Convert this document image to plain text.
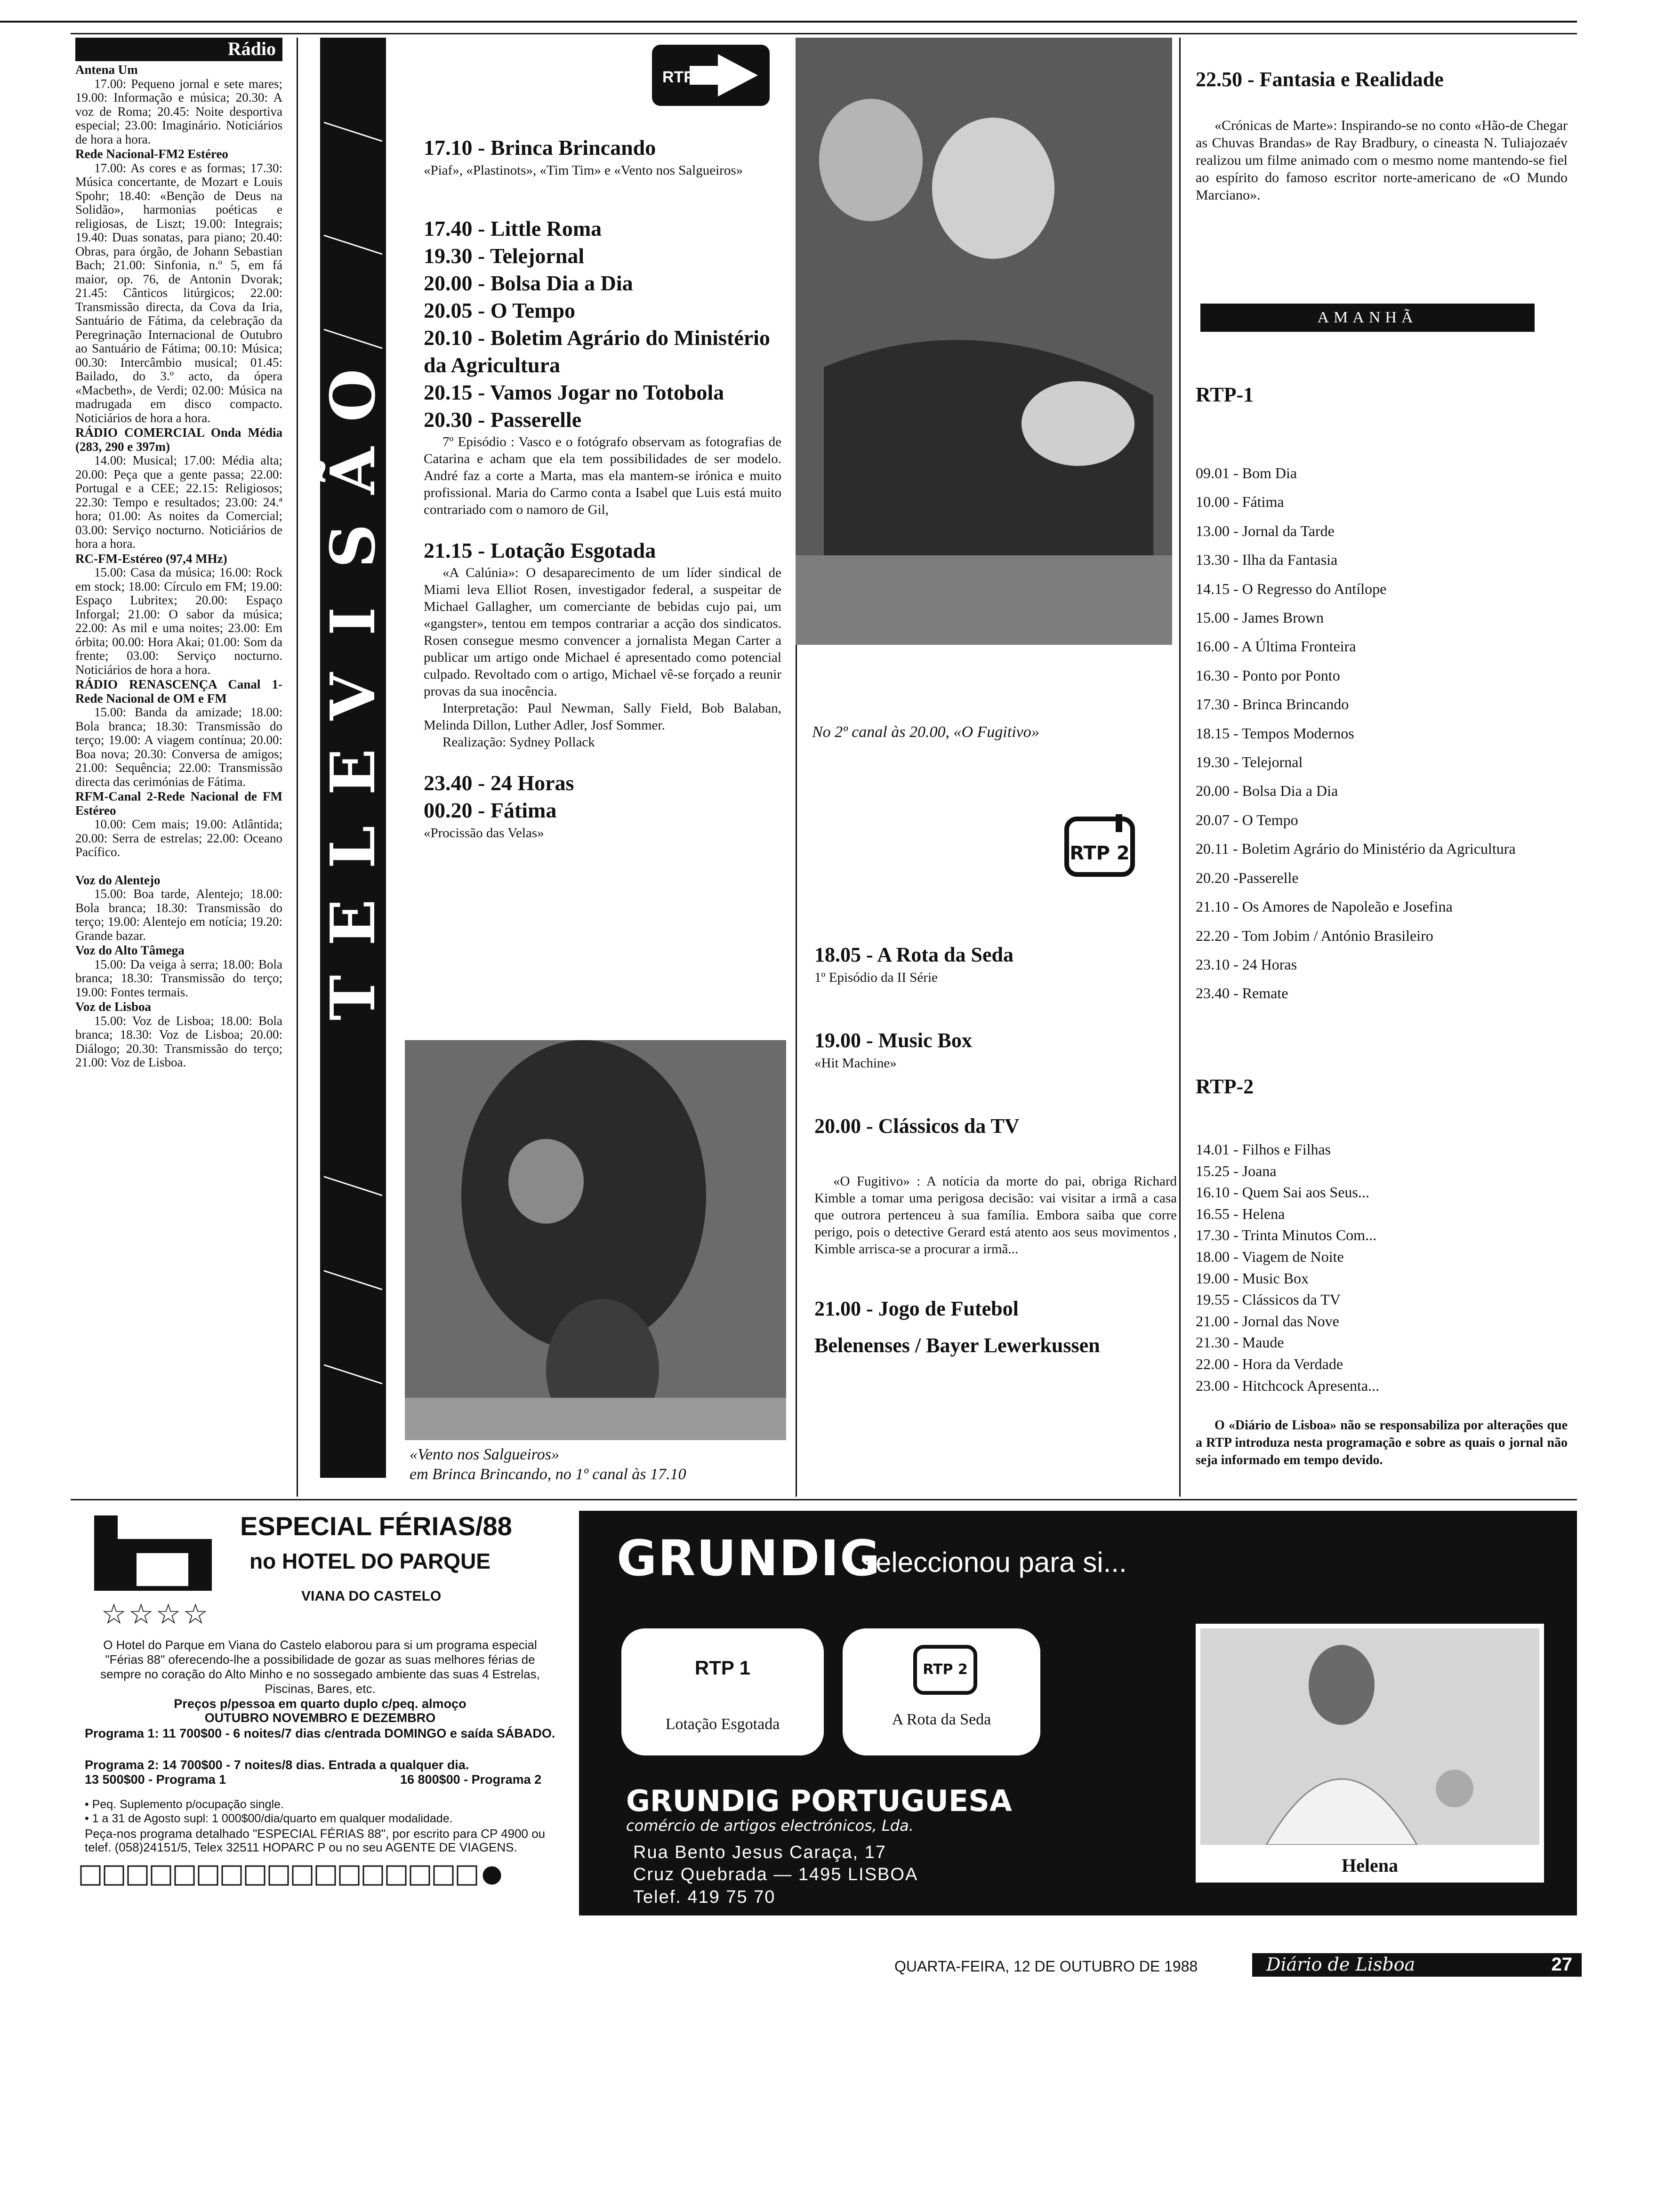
Rádio
Antena Um

17.00: Pequeno jornal e sete mares; 19.00: Informação e música; 20.30: A voz de Roma; 20.45: Noite desportiva especial; 23.00: Imaginário. Noticiários de hora a hora.

Rede Nacional-FM2 Estéreo

17.00: As cores e as formas; 17.30: Música concertante, de Mozart e Louis Spohr; 18.40: «Benção de Deus na Solidão», harmonias poéticas e religiosas, de Liszt; 19.00: Integrais; 19.40: Duas sonatas, para piano; 20.40: Obras, para órgão, de Johann Sebastian Bach; 21.00: Sinfonia, n.º 5, em fá maior, op. 76, de Antonin Dvorak; 21.45: Cânticos litúrgicos; 22.00: Transmissão directa, da Cova da Iria, Santuário de Fátima, da celebração da Peregrinação Internacional de Outubro ao Santuário de Fátima; 00.10: Música; 00.30: Intercâmbio musical; 01.45: Bailado, do 3.º acto, da ópera «Macbeth», de Verdi; 02.00: Música na madrugada em disco compacto. Noticiários de hora a hora.

RÁDIO COMERCIAL Onda Média (283, 290 e 397m)

14.00: Musical; 17.00: Média alta; 20.00: Peça que a gente passa; 22.00: Portugal e a CEE; 22.15: Religiosos; 22.30: Tempo e resultados; 23.00: 24.ª hora; 01.00: As noites da Comercial; 03.00: Serviço nocturno. Noticiários de hora a hora.

RC-FM-Estéreo (97,4 MHz)

15.00: Casa da música; 16.00: Rock em stock; 18.00: Círculo em FM; 19.00: Espaço Lubritex; 20.00: Espaço Inforgal; 21.00: O sabor da música; 22.00: As mil e uma noites; 23.00: Em órbita; 00.00: Hora Akai; 01.00: Som da frente; 03.00: Serviço nocturno. Noticiários de hora a hora.

RÁDIO RENASCENÇA Canal 1-Rede Nacional de OM e FM

15.00: Banda da amizade; 18.00: Bola branca; 18.30: Transmissão do terço; 19.00: A viagem contínua; 20.00: Boa nova; 20.30: Conversa de amigos; 21.00: Sequência; 22.00: Transmissão directa das cerimónias de Fátima.

RFM-Canal 2-Rede Nacional de FM Estéreo

10.00: Cem mais; 19.00: Atlântida; 20.00: Serra de estrelas; 22.00: Oceano Pacífico.

Voz do Alentejo

15.00: Boa tarde, Alentejo; 18.00: Bola branca; 18.30: Transmissão do terço; 19.00: Alentejo em notícia; 19.20: Grande bazar.

Voz do Alto Tâmega

15.00: Da veiga à serra; 18.00: Bola branca; 18.30: Transmissão do terço; 19.00: Fontes termais.

Voz de Lisboa

15.00: Voz de Lisboa; 18.00: Bola branca; 18.30: Voz de Lisboa; 20.00: Diálogo; 20.30: Transmissão do terço; 21.00: Voz de Lisboa.

O
Ã
S
I
V
E
L
E
T
RTP

17.10 - Brinca Brincando

«Piaf», «Plastinots», «Tim Tim» e «Vento nos Salgueiros»

17.40 - Little Roma

19.30 - Telejornal

20.00 - Bolsa Dia a Dia

20.05 - O Tempo

20.10 - Boletim Agrário do Ministério da Agricultura

20.15 - Vamos Jogar no Totobola

20.30 - Passerelle

7º Episódio : Vasco e o fotógrafo observam as fotografias de Catarina e acham que ela tem possibilidades de ser modelo. André faz a corte a Marta, mas ela mantem-se irónica e muito profissional. Maria do Carmo conta a Isabel que Luis está muito contrariado com o namoro de Gil,

21.15 - Lotação Esgotada

«A Calúnia»: O desaparecimento de um líder sindical de Miami leva Elliot Rosen, investigador federal, a suspeitar de Michael Gallagher, um comerciante de bebidas cujo pai, um «gangster», tentou em tempos contrariar a acção dos sindicatos. Rosen consegue mesmo convencer a jornalista Megan Carter a publicar um artigo onde Michael é apresentado como potencial culpado. Revoltado com o artigo, Michael vê-se forçado a reunir provas da sua inocência.

Interpretação: Paul Newman, Sally Field, Bob Balaban, Melinda Dillon, Luther Adler, Josf Sommer.

Realização: Sydney Pollack

23.40 - 24 Horas

00.20 - Fátima

«Procissão das Velas»

«Vento nos Salgueiros»
em Brinca Brincando, no 1º canal às 17.10
No 2º canal às 20.00, «O Fugitivo»
RTP 2

18.05 - A Rota da Seda

1º Episódio da II Série

19.00 - Music Box

«Hit Machine»

20.00 - Clássicos da TV

«O Fugitivo» : A notícia da morte do pai, obriga Richard Kimble a tomar uma perigosa decisão: vai visitar a irmã a casa que outrora pertenceu à sua família. Embora saiba que corre perigo, pois o detective Gerard está atento aos seus movimentos , Kimble arrisca-se a procurar a irmã...

21.00 - Jogo de Futebol

Belenenses / Bayer Lewerkussen

22.50 - Fantasia e Realidade

«Crónicas de Marte»: Inspirando-se no conto «Hão-de Chegar as Chuvas Brandas» de Ray Bradbury, o cineasta N. Tuliajozaév realizou um filme animado com o mesmo nome mantendo-se fiel ao espírito do famoso escritor norte-americano de «O Mundo Marciano».

AMANHÃ

RTP-1

09.01 - Bom Dia

10.00 - Fátima

13.00 - Jornal da Tarde

13.30 - Ilha da Fantasia

14.15 - O Regresso do Antílope

15.00 - James Brown

16.00 - A Última Fronteira

16.30 - Ponto por Ponto

17.30 - Brinca Brincando

18.15 - Tempos Modernos

19.30 - Telejornal

20.00 - Bolsa Dia a Dia

20.07 - O Tempo

20.11 - Boletim Agrário do Ministério da Agricultura

20.20 -Passerelle

21.10 - Os Amores de Napoleão e Josefina

22.20 - Tom Jobim / António Brasileiro

23.10 - 24 Horas

23.40 - Remate

RTP-2

14.01 - Filhos e Filhas

15.25 - Joana

16.10 - Quem Sai aos Seus...

16.55 - Helena

17.30 - Trinta Minutos Com...

18.00 - Viagem de Noite

19.00 - Music Box

19.55 - Clássicos da TV

21.00 - Jornal das Nove

21.30 - Maude

22.00 - Hora da Verdade

23.00 - Hitchcock Apresenta...

O «Diário de Lisboa» não se responsabiliza por alterações que a RTP introduza nesta programação e sobre as quais o jornal não seja informado em tempo devido.

ESPECIAL FÉRIAS/88
no HOTEL DO PARQUE
VIANA DO CASTELO
☆☆☆☆
O Hotel do Parque em Viana do Castelo elaborou para si um programa especial "Férias 88" oferecendo-lhe a possibilidade de gozar as suas melhores férias de sempre no coração do Alto Minho e no sossegado ambiente das suas 4 Estrelas, Piscinas, Bares, etc.
Preços p/pessoa em quarto duplo c/peq. almoço
OUTUBRO NOVEMBRO E DEZEMBRO
Programa 1: 11 700$00 - 6 noites/7 dias c/entrada DOMINGO e saída SÁBADO.
Programa 2: 14 700$00 - 7 noites/8 dias. Entrada a qualquer dia.
13 500$00 - Programa 1	16 800$00 - Programa 2
• Peq. Suplemento p/ocupação single.
• 1 a 31 de Agosto supl: 1 000$00/dia/quarto em qualquer modalidade.
Peça-nos programa detalhado "ESPECIAL FÉRIAS 88", por escrito para CP 4900 ou telef. (058)24151/5, Telex 32511 HOPARC P ou no seu AGENTE DE VIAGENS.
GRUNDIG
seleccionou para si...
RTP 1
Lotação Esgotada
RTP 2
A Rota da Seda
Helena
GRUNDIG PORTUGUESA
comércio de artigos electrónicos, Lda.
Rua Bento Jesus Caraça, 17
Cruz Quebrada — 1495 LISBOA
Telef. 419 75 70
QUARTA-FEIRA, 12 DE OUTUBRO DE 1988	Diário de Lisboa	27
